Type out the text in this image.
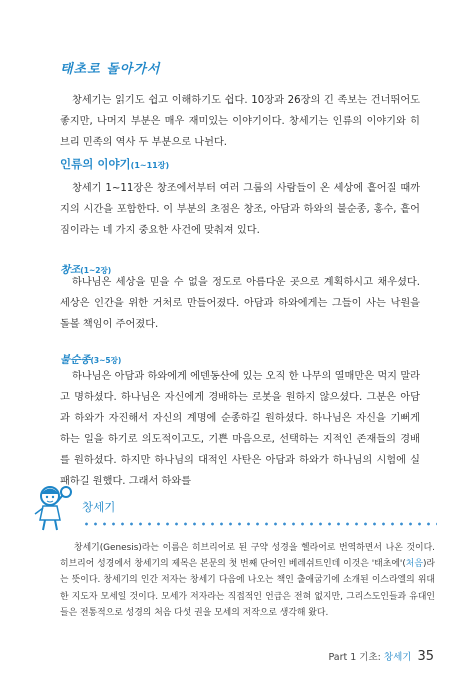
태초로 돌아가서
창세기는 읽기도 쉽고 이해하기도 쉽다. 10장과 26장의 긴 족보는 건너뛰어도 좋지만, 나머지 부분은 매우 재미있는 이야기이다. 창세기는 인류의 이야기와 히브리 민족의 역사 두 부분으로 나뉜다.
인류의 이야기(1~11장)
창세기 1~11장은 창조에서부터 여러 그룹의 사람들이 온 세상에 흩어질 때까지의 시간을 포함한다. 이 부분의 초점은 창조, 아담과 하와의 불순종, 홍수, 흩어짐이라는 네 가지 중요한 사건에 맞춰져 있다.
창조(1~2장)
하나님은 세상을 믿을 수 없을 정도로 아름다운 곳으로 계획하시고 채우셨다. 세상은 인간을 위한 거처로 만들어졌다. 아담과 하와에게는 그들이 사는 낙원을 돌볼 책임이 주어졌다.
불순종(3~5장)
하나님은 아담과 하와에게 에덴동산에 있는 오직 한 나무의 열매만은 먹지 말라고 명하셨다. 하나님은 자신에게 경배하는 로봇을 원하지 않으셨다. 그분은 아담과 하와가 자진해서 자신의 계명에 순종하길 원하셨다. 하나님은 자신을 기뻐게 하는 일을 하기로 의도적이고도, 기쁜 마음으로, 선택하는 지적인 존재들의 경배를 원하셨다. 하지만 하나님의 대적인 사탄은 아담과 하와가 하나님의 시험에 실패하길 원했다. 그래서 하와를
창세기
창세기(Genesis)라는 이름은 히브리어로 된 구약 성경을 헬라어로 번역하면서 나온 것이다. 히브리어 성경에서 창세기의 제목은 본문의 첫 번째 단어인 베레쉬트인데 이것은 '태초에'(처음)라는 뜻이다. 창세기의 인간 저자는 창세기 다음에 나오는 책인 출애굽기에 소개된 이스라엘의 위대한 지도자 모세일 것이다. 모세가 저자라는 직접적인 언급은 전혀 없지만, 그리스도인들과 유대인들은 전통적으로 성경의 처음 다섯 권을 모세의 저작으로 생각해 왔다.
Part 1 기초: 창세기 35
